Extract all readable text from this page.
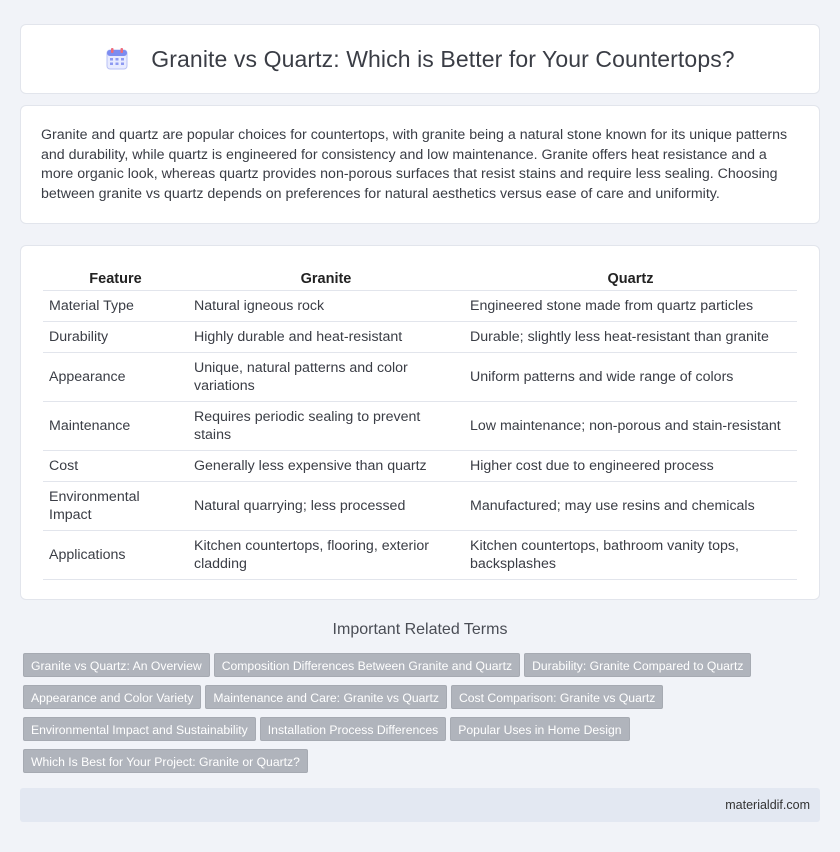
Granite vs Quartz: Which is Better for Your Countertops?

Granite and quartz are popular choices for countertops, with granite being a natural stone known for its unique patterns and durability, while quartz is engineered for consistency and low maintenance. Granite offers heat resistance and a more organic look, whereas quartz provides non-porous surfaces that resist stains and require less sealing. Choosing between granite vs quartz depends on preferences for natural aesthetics versus ease of care and uniformity.

Feature	Granite	Quartz
Material Type	Natural igneous rock	Engineered stone made from quartz particles
Durability	Highly durable and heat-resistant	Durable; slightly less heat-resistant than granite
Appearance	Unique, natural patterns and color variations	Uniform patterns and wide range of colors
Maintenance	Requires periodic sealing to prevent stains	Low maintenance; non-porous and stain-resistant
Cost	Generally less expensive than quartz	Higher cost due to engineered process
Environmental Impact	Natural quarrying; less processed	Manufactured; may use resins and chemicals
Applications	Kitchen countertops, flooring, exterior cladding	Kitchen countertops, bathroom vanity tops, backsplashes
Important Related Terms
Granite vs Quartz: An Overview Composition Differences Between Granite and Quartz Durability: Granite Compared to Quartz
Appearance and Color Variety Maintenance and Care: Granite vs Quartz Cost Comparison: Granite vs Quartz
Environmental Impact and Sustainability Installation Process Differences Popular Uses in Home Design
Which Is Best for Your Project: Granite or Quartz?
materialdif.com
